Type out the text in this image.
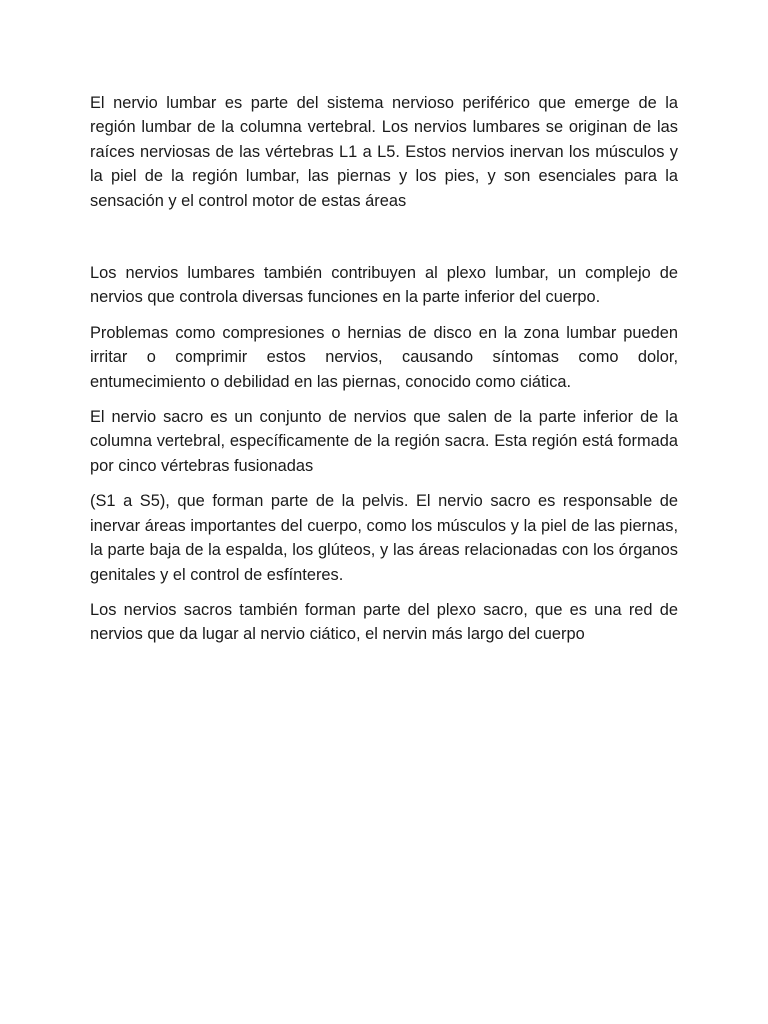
El nervio lumbar es parte del sistema nervioso periférico que emerge de la región lumbar de la columna vertebral. Los nervios lumbares se originan de las raíces nerviosas de las vértebras L1 a L5. Estos nervios inervan los músculos y la piel de la región lumbar, las piernas y los pies, y son esenciales para la sensación y el control motor de estas áreas

Los nervios lumbares también contribuyen al plexo lumbar, un complejo de nervios que controla diversas funciones en la parte inferior del cuerpo.

Problemas como compresiones o hernias de disco en la zona lumbar pueden irritar o comprimir estos nervios, causando síntomas como dolor, entumecimiento o debilidad en las piernas, conocido como ciática.

El nervio sacro es un conjunto de nervios que salen de la parte inferior de la columna vertebral, específicamente de la región sacra. Esta región está formada por cinco vértebras fusionadas

(S1 a S5), que forman parte de la pelvis. El nervio sacro es responsable de inervar áreas importantes del cuerpo, como los músculos y la piel de las piernas, la parte baja de la espalda, los glúteos, y las áreas relacionadas con los órganos genitales y el control de esfínteres.

Los nervios sacros también forman parte del plexo sacro, que es una red de nervios que da lugar al nervio ciático, el nervin más largo del cuerpo
